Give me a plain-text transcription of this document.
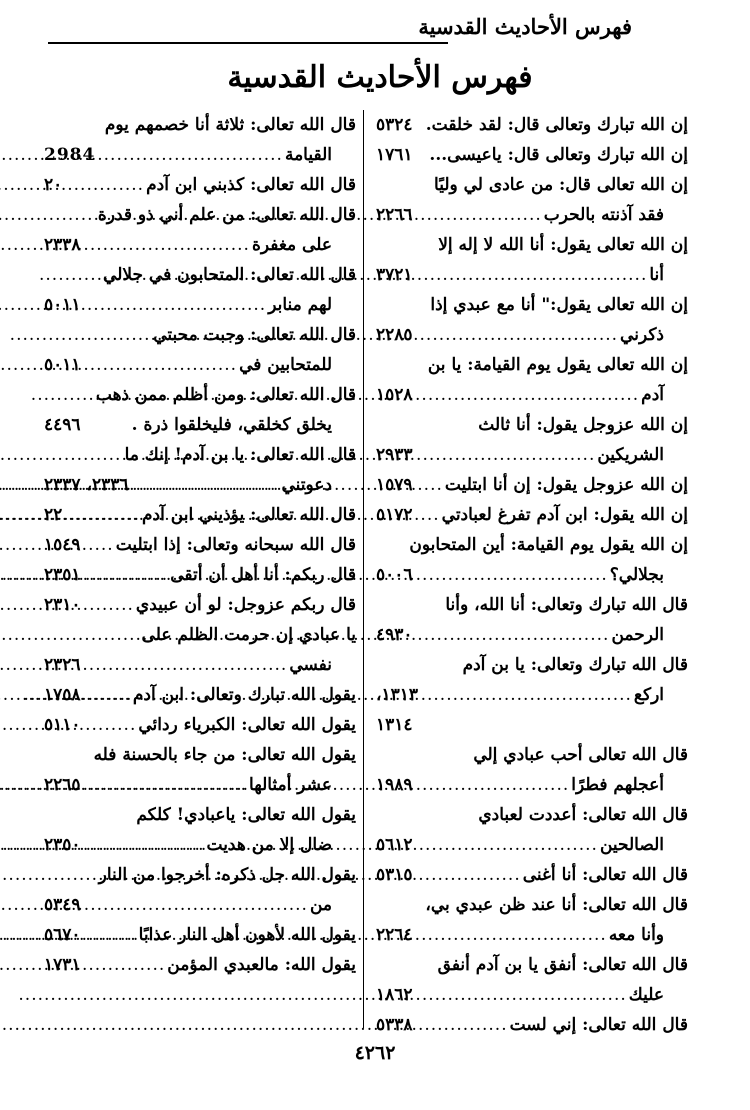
فهرس الأحاديث القدسية
فهرس الأحاديث القدسية
إن الله تبارك وتعالى قال: لقد خلقت.
٥٣٢٤
إن الله تبارك وتعالى قال: ياعيسى...
١٧٦١
إن الله تعالى قال: من عادى لي وليًا
فقد آذنته بالحرب
.....
٢٢٦٦
إن الله تعالى يقول: أنا الله لا إله إلا
أنا
.....
٣٧٢١
إن الله تعالى يقول:" أنا مع عبدي إذا
ذكرني
.....
٢٢٨٥
إن الله تعالى يقول يوم القيامة: يا بن
آدم
.....
١٥٢٨
إن الله عزوجل يقول: أنا ثالث
الشريكين
.....
٢٩٣٣
إن الله عزوجل يقول: إن أنا ابتليت
.....
١٥٧٩
إن الله يقول: ابن آدم تفرغ لعبادتي
.....
٥١٧٢
إن الله يقول يوم القيامة: أين المتحابون
بجلالي؟
.....
٥٠٠٦
قال الله تبارك وتعالى: أنا الله، وأنا
الرحمن
.....
٤٩٣٠
قال الله تبارك وتعالى: يا بن آدم
اركع
.....
١٣١٣،
١٣١٤
قال الله تعالى أحب عبادي إلي
أعجلهم فطرًا
.....
١٩٨٩
قال الله تعالى: أعددت لعبادي
الصالحين
.....
٥٦١٢
قال الله تعالى: أنا أغنى
.....
٥٣١٥
قال الله تعالى: أنا عند ظن عبدي بي،
وأنا معه
.....
٢٢٦٤
قال الله تعالى: أنفق يا بن آدم أنفق
عليك
.....
١٨٦٢
قال الله تعالى: إني لست
.....
٥٣٣٨
قال الله تعالى: ثلاثة أنا خصمهم يوم
القيامة
.....
2984
قال الله تعالى: كذبني ابن آدم
.....
٢٠
قال الله تعالى: من علم أني ذو قدرة
على مغفرة
.....
٢٣٣٨
قال الله تعالى: المتحابون في جلالي
لهم منابر
.....
٥٠١١
قال الله تعالى: وجبت محبتي
للمتحابين في
.....
٥٠١١
قال الله تعالى: ومن أظلم ممن ذهب
يخلق كخلقي، فليخلقوا ذرة .
٤٤٩٦
قال الله تعالى: يا بن آدم! إنك ما
دعوتني
.....
٢٣٣٦، ٢٣٣٧
قال الله تعالى: يؤذيني ابن آدم
.....
٢٢
قال الله سبحانه وتعالى: إذا ابتليت
.....
١٥٤٩
قال ربكم: أنا أهل أن أتقى
.....
٢٣٥١
قال ربكم عزوجل: لو أن عبيدي
.....
٢٣١٠
يا عبادي إن حرمت الظلم على
نفسي
.....
٢٣٢٦
يقول الله تبارك وتعالى: ابن آدم
.....
١٧٥٨
يقول الله تعالى: الكبرياء ردائي
.....
٥١١٠
يقول الله تعالى: من جاء بالحسنة فله
عشر أمثالها
.....
٢٢٦٥
يقول الله تعالى: ياعبادي! كلكم
ضال إلا من هديت
.....
٢٣٥٠
يقول الله جل ذكره: أخرجوا من النار
من
.....
٥٣٤٩
يقول الله لأهون أهل النار عذابًا
.....
٥٦٧٠
يقول الله: مالعبدي المؤمن
.....
١٧٣١
٤٢٦٢
